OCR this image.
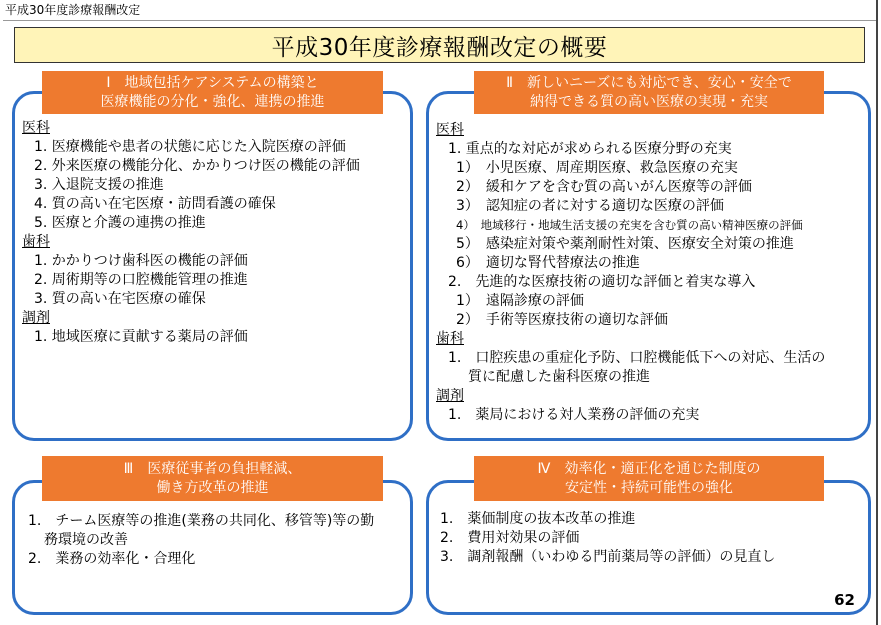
平成30年度診療報酬改定
平成30年度診療報酬改定の概要
Ⅰ　地域包括ケアシステムの構築と
医療機能の分化・強化、連携の推進
医科
1. 医療機能や患者の状態に応じた入院医療の評価
2. 外来医療の機能分化、かかりつけ医の機能の評価
3. 入退院支援の推進
4. 質の高い在宅医療・訪問看護の確保
5. 医療と介護の連携の推進
歯科
1. かかりつけ歯科医の機能の評価
2. 周術期等の口腔機能管理の推進
3. 質の高い在宅医療の確保
調剤
1. 地域医療に貢献する薬局の評価
Ⅱ　新しいニーズにも対応でき、安心・安全で
納得できる質の高い医療の実現・充実
医科
1. 重点的な対応が求められる医療分野の充実
1）　小児医療、周産期医療、救急医療の充実
2）　緩和ケアを含む質の高いがん医療等の評価
3）　認知症の者に対する適切な医療の評価
4）　地域移行・地域生活支援の充実を含む質の高い精神医療の評価
5）　感染症対策や薬剤耐性対策、医療安全対策の推進
6）　適切な腎代替療法の推進
2.　先進的な医療技術の適切な評価と着実な導入
1）　遠隔診療の評価
2）　手術等医療技術の適切な評価
歯科
1.　口腔疾患の重症化予防、口腔機能低下への対応、生活の
質に配慮した歯科医療の推進
調剤
1.　薬局における対人業務の評価の充実
Ⅲ　医療従事者の負担軽減、
働き方改革の推進
1.　チーム医療等の推進(業務の共同化、移管等)等の勤
務環境の改善
2.　業務の効率化・合理化
Ⅳ　効率化・適正化を通じた制度の
安定性・持続可能性の強化
1.　薬価制度の抜本改革の推進
2.　費用対効果の評価
3.　調剤報酬（いわゆる門前薬局等の評価）の見直し
62
